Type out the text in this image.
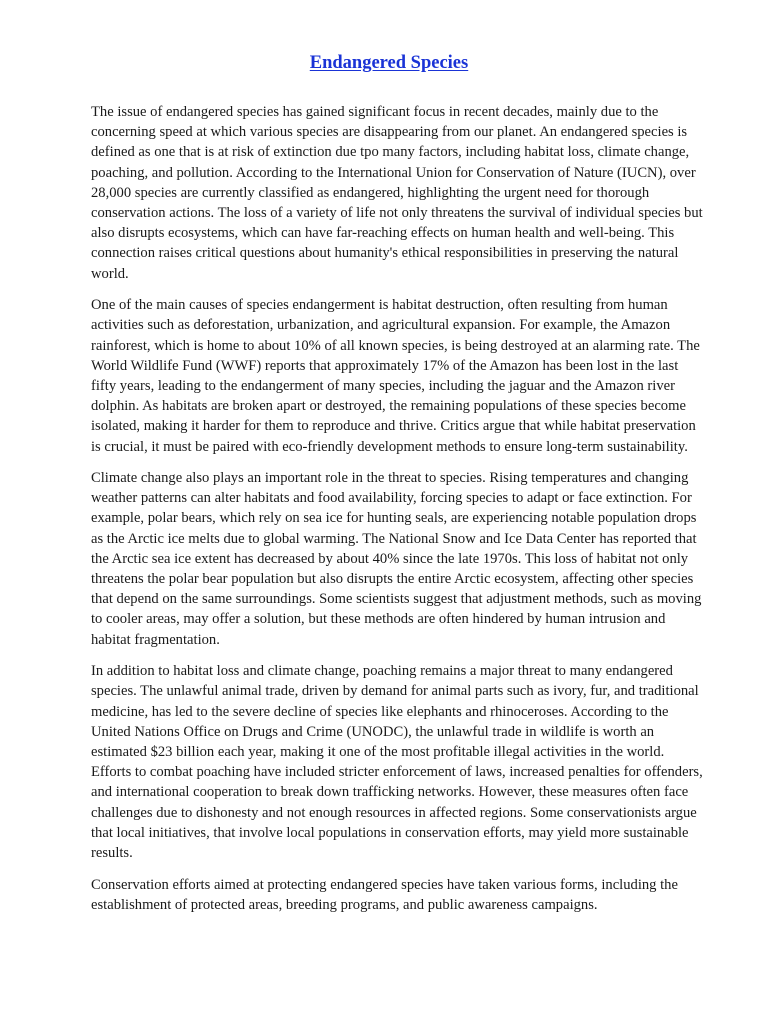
Endangered Species

The issue of endangered species has gained significant focus in recent decades, mainly due to the concerning speed at which various species are disappearing from our planet. An endangered species is defined as one that is at risk of extinction due tpo many factors, including habitat loss, climate change, poaching, and pollution. According to the International Union for Conservation of Nature (IUCN), over 28,000 species are currently classified as endangered, highlighting the urgent need for thorough conservation actions. The loss of a variety of life not only threatens the survival of individual species but also disrupts ecosystems, which can have far-reaching effects on human health and well-being. This connection raises critical questions about humanity's ethical responsibilities in preserving the natural world.

One of the main causes of species endangerment is habitat destruction, often resulting from human activities such as deforestation, urbanization, and agricultural expansion. For example, the Amazon rainforest, which is home to about 10% of all known species, is being destroyed at an alarming rate. The World Wildlife Fund (WWF) reports that approximately 17% of the Amazon has been lost in the last fifty years, leading to the endangerment of many species, including the jaguar and the Amazon river dolphin. As habitats are broken apart or destroyed, the remaining populations of these species become isolated, making it harder for them to reproduce and thrive. Critics argue that while habitat preservation is crucial, it must be paired with eco-friendly development methods to ensure long-term sustainability.

Climate change also plays an important role in the threat to species. Rising temperatures and changing weather patterns can alter habitats and food availability, forcing species to adapt or face extinction. For example, polar bears, which rely on sea ice for hunting seals, are experiencing notable population drops as the Arctic ice melts due to global warming. The National Snow and Ice Data Center has reported that the Arctic sea ice extent has decreased by about 40% since the late 1970s. This loss of habitat not only threatens the polar bear population but also disrupts the entire Arctic ecosystem, affecting other species that depend on the same surroundings. Some scientists suggest that adjustment methods, such as moving to cooler areas, may offer a solution, but these methods are often hindered by human intrusion and habitat fragmentation.

In addition to habitat loss and climate change, poaching remains a major threat to many endangered species. The unlawful animal trade, driven by demand for animal parts such as ivory, fur, and traditional medicine, has led to the severe decline of species like elephants and rhinoceroses. According to the United Nations Office on Drugs and Crime (UNODC), the unlawful trade in wildlife is worth an estimated $23 billion each year, making it one of the most profitable illegal activities in the world. Efforts to combat poaching have included stricter enforcement of laws, increased penalties for offenders, and international cooperation to break down trafficking networks. However, these measures often face challenges due to dishonesty and not enough resources in affected regions. Some conservationists argue that local initiatives, that involve local populations in conservation efforts, may yield more sustainable results.

Conservation efforts aimed at protecting endangered species have taken various forms, including the establishment of protected areas, breeding programs, and public awareness campaigns.
